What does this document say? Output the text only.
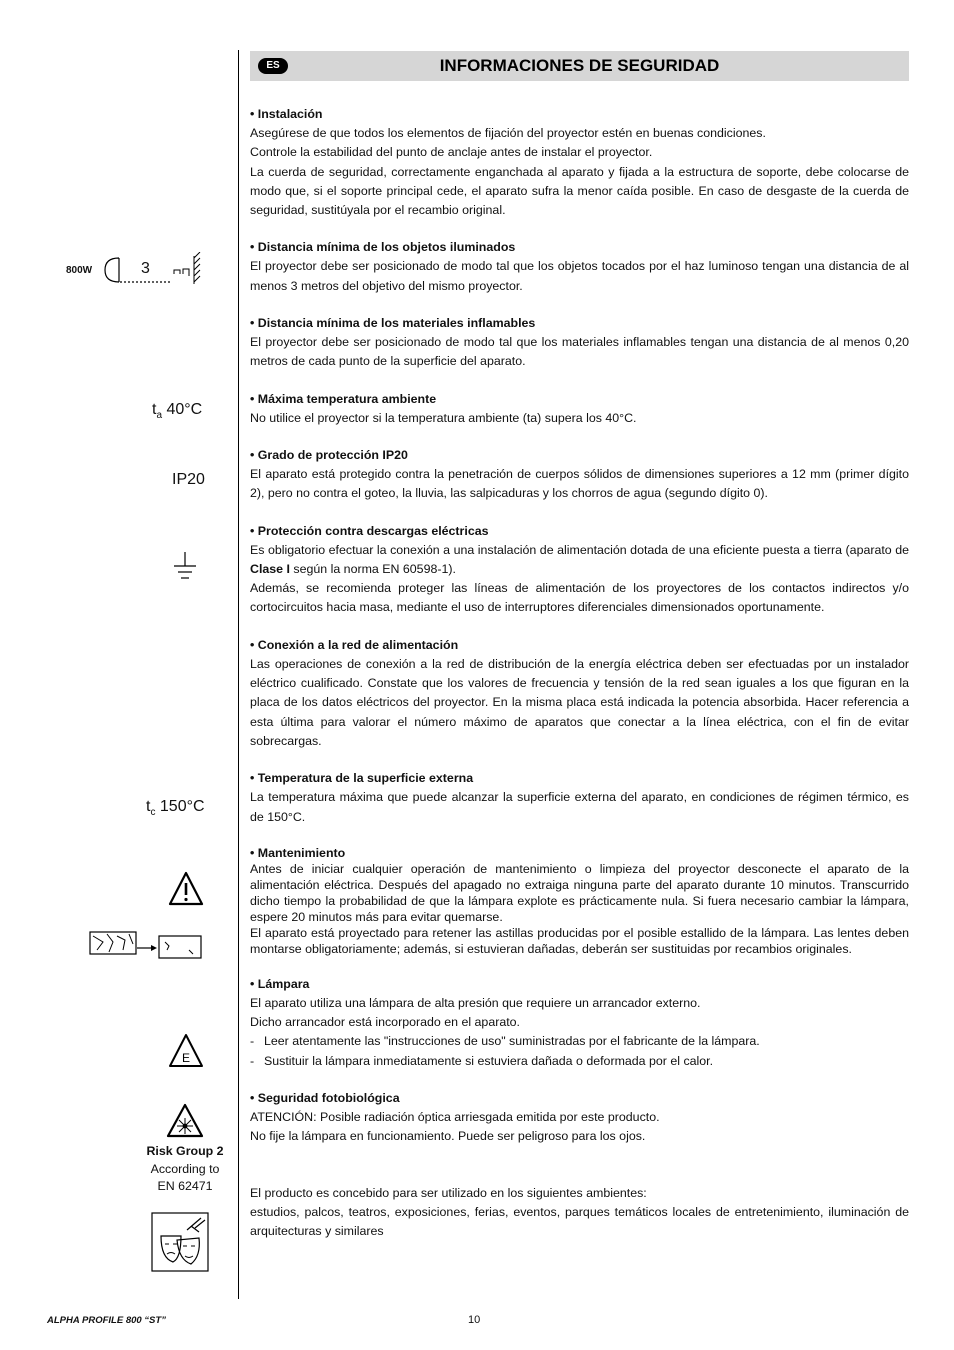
ES	INFORMACIONES DE SEGURIDAD
800W	3
$t_a$ 40°C
IP20
$t_c$ 150°C
E
Risk Group 2
According to
EN 62471
• Instalación

Asegúrese de que todos los elementos de fijación del proyector estén en buenas condiciones.

Controle la estabilidad del punto de anclaje antes de instalar el proyector.

La cuerda de seguridad, correctamente enganchada al aparato y fijada a la estructura de soporte, debe colocarse de modo que, si el soporte principal cede, el aparato sufra la menor caída posible. En caso de desgaste de la cuerda de seguridad, sustitúyala por el recambio original.

• Distancia mínima de los objetos iluminados

El proyector debe ser posicionado de modo tal que los objetos tocados por el haz luminoso tengan una distancia de al menos 3 metros del objetivo del mismo proyector.

• Distancia mínima de los materiales inflamables

El proyector debe ser posicionado de modo tal que los materiales inflamables tengan una distancia de al menos 0,20 metros de cada punto de la superficie del aparato.

• Máxima temperatura ambiente

No utilice el proyector si la temperatura ambiente (ta) supera los 40°C.

• Grado de protección IP20

El aparato está protegido contra la penetración de cuerpos sólidos de dimensiones superiores a 12 mm (primer dígito 2), pero no contra el goteo, la lluvia, las salpicaduras y los chorros de agua (segundo dígito 0).

• Protección contra descargas eléctricas

Es obligatorio efectuar la conexión a una instalación de alimentación dotada de una eficiente puesta a tierra (aparato de Clase I según la norma EN 60598-1).

Además, se recomienda proteger las líneas de alimentación de los proyectores de los contactos indirectos y/o cortocircuitos hacia masa, mediante el uso de interruptores diferenciales dimensionados oportunamente.

• Conexión a la red de alimentación

Las operaciones de conexión a la red de distribución de la energía eléctrica deben ser efectuadas por un instalador eléctrico cualificado. Constate que los valores de frecuencia y tensión de la red sean iguales a los que figuran en la placa de los datos eléctricos del proyector. En la misma placa está indicada la potencia absorbida. Hacer referencia a esta última para valorar el número máximo de aparatos que conectar a la línea eléctrica, con el fin de evitar sobrecargas.

• Temperatura de la superficie externa

La temperatura máxima que puede alcanzar la superficie externa del aparato, en condiciones de régimen térmico, es de 150°C.

• Mantenimiento

Antes de iniciar cualquier operación de mantenimiento o limpieza del proyector desconecte el aparato de la alimentación eléctrica. Después del apagado no extraiga ninguna parte del aparato durante 10 minutos. Transcurrido dicho tiempo la probabilidad de que la lámpara explote es prácticamente nula. Si fuera necesario cambiar la lámpara, espere 20 minutos más para evitar quemarse.

El aparato está proyectado para retener las astillas producidas por el posible estallido de la lámpara. Las lentes deben montarse obligatoriamente; además, si estuvieran dañadas, deberán ser sustituidas por recambios originales.

• Lámpara

El aparato utiliza una lámpara de alta presión que requiere un arrancador externo.

Dicho arrancador está incorporado en el aparato.

- Leer atentamente las "instrucciones de uso" suministradas por el fabricante de la lámpara.

- Sustituir la lámpara inmediatamente si estuviera dañada o deformada por el calor.

• Seguridad fotobiológica

ATENCIÓN: Posible radiación óptica arriesgada emitida por este producto.

No fije la lámpara en funcionamiento. Puede ser peligroso para los ojos.

El producto es concebido para ser utilizado en los siguientes ambientes:

estudios, palcos, teatros, exposiciones, ferias, eventos, parques temáticos locales de entretenimiento, iluminación de arquitecturas y similares

ALPHA PROFILE 800 “ST”	10
